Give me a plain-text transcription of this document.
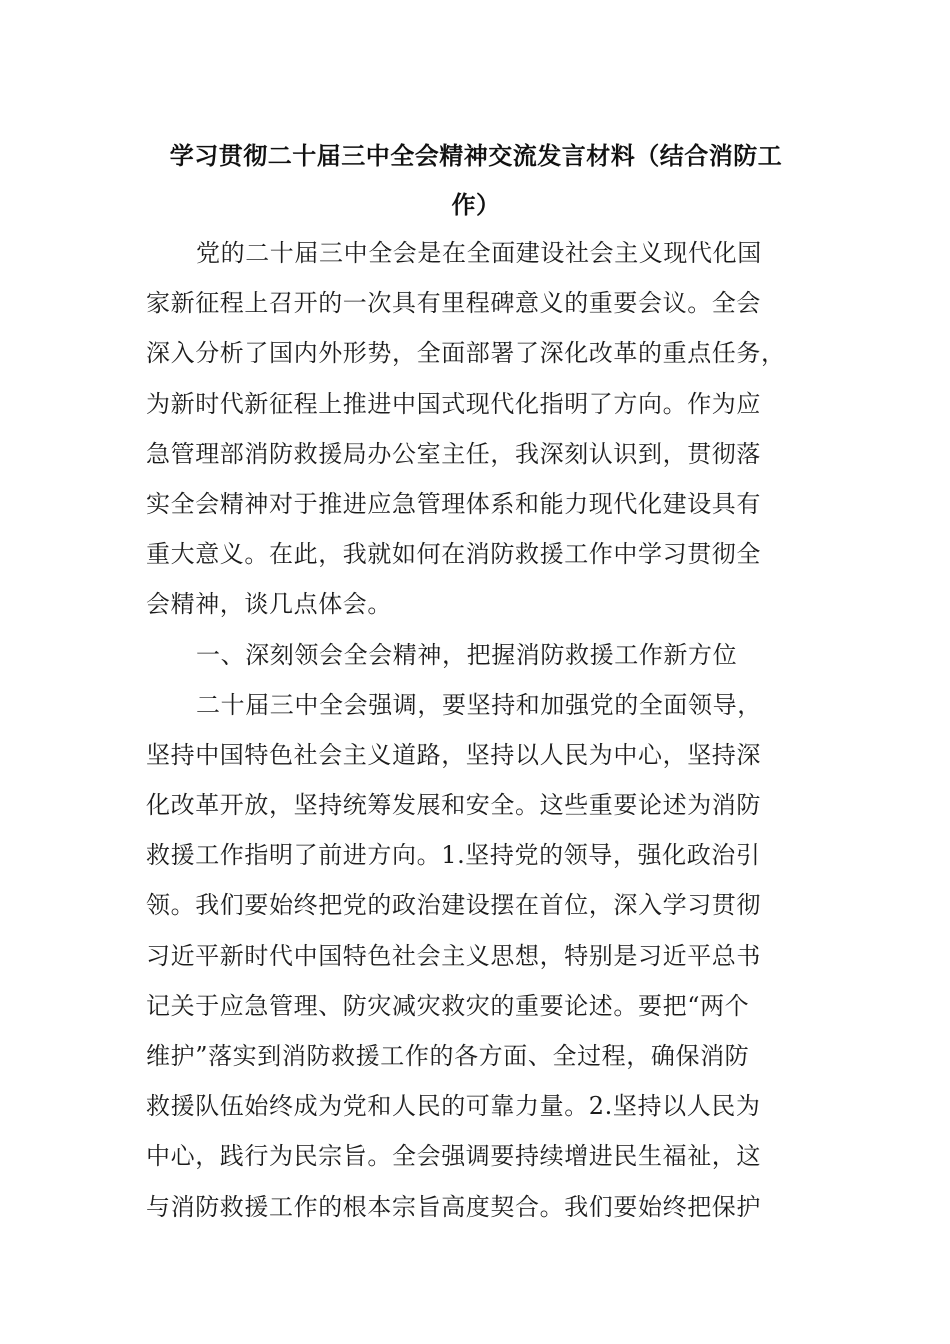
学习贯彻二十届三中全会精神交流发言材料（结合消防工
作）
党的二十届三中全会是在全面建设社会主义现代化国
家新征程上召开的一次具有里程碑意义的重要会议。全会
深入分析了国内外形势，全面部署了深化改革的重点任务，
为新时代新征程上推进中国式现代化指明了方向。作为应
急管理部消防救援局办公室主任，我深刻认识到，贯彻落
实全会精神对于推进应急管理体系和能力现代化建设具有
重大意义。在此，我就如何在消防救援工作中学习贯彻全
会精神，谈几点体会。
一、深刻领会全会精神，把握消防救援工作新方位
二十届三中全会强调，要坚持和加强党的全面领导，
坚持中国特色社会主义道路，坚持以人民为中心，坚持深
化改革开放，坚持统筹发展和安全。这些重要论述为消防
救援工作指明了前进方向。1.坚持党的领导，强化政治引
领。我们要始终把党的政治建设摆在首位，深入学习贯彻
习近平新时代中国特色社会主义思想，特别是习近平总书
记关于应急管理、防灾减灾救灾的重要论述。要把“两个
维护”落实到消防救援工作的各方面、全过程，确保消防
救援队伍始终成为党和人民的可靠力量。2.坚持以人民为
中心，践行为民宗旨。全会强调要持续增进民生福祉，这
与消防救援工作的根本宗旨高度契合。我们要始终把保护
